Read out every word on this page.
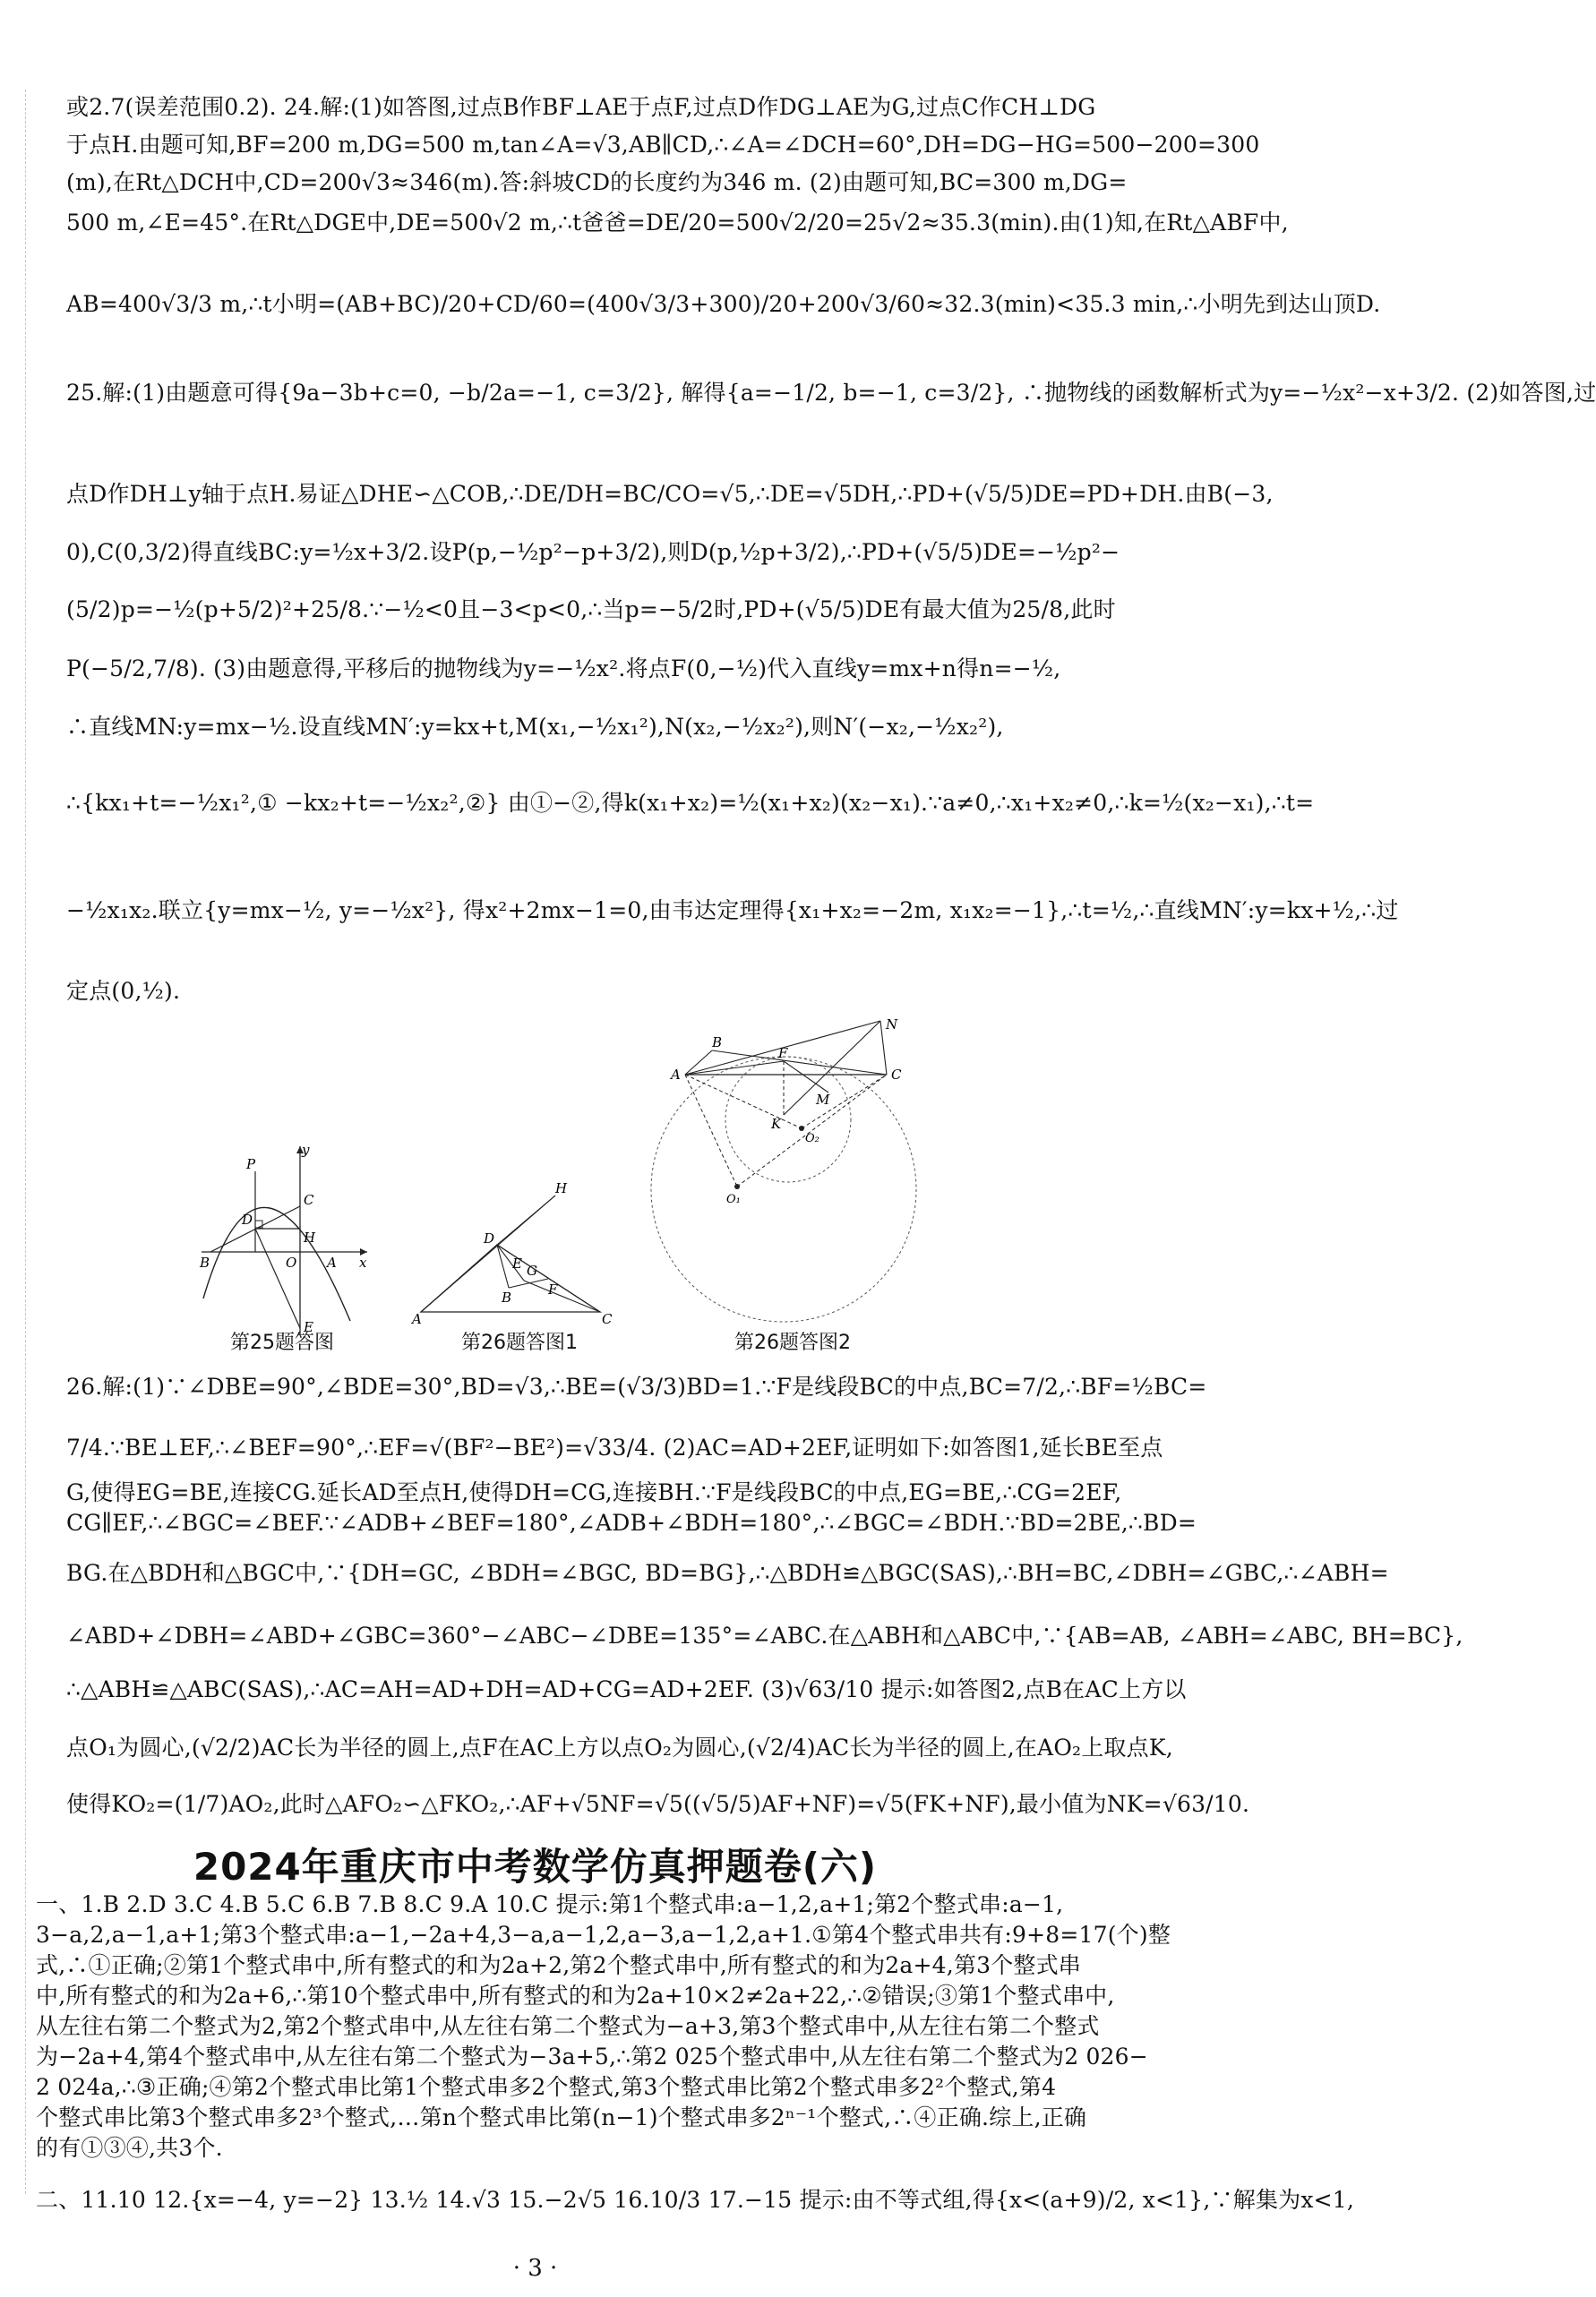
或2.7(误差范围0.2). 24.解:(1)如答图,过点B作BF⊥AE于点F,过点D作DG⊥AE为G,过点C作CH⊥DG
于点H.由题可知,BF=200 m,DG=500 m,tan∠A=√3,AB∥CD,∴∠A=∠DCH=60°,DH=DG−HG=500−200=300
(m),在Rt△DCH中,CD=200√3≈346(m).答:斜坡CD的长度约为346 m. (2)由题可知,BC=300 m,DG=
500 m,∠E=45°.在Rt△DGE中,DE=500√2 m,∴t爸爸=DE/20=500√2/20=25√2≈35.3(min).由(1)知,在Rt△ABF中,
AB=400√3/3 m,∴t小明=(AB+BC)/20+CD/60=(400√3/3+300)/20+200√3/60≈32.3(min)<35.3 min,∴小明先到达山顶D.
25.解:(1)由题意可得{9a−3b+c=0, −b/2a=−1, c=3/2}, 解得{a=−1/2, b=−1, c=3/2}, ∴抛物线的函数解析式为y=−½x²−x+3/2. (2)如答图,过
点D作DH⊥y轴于点H.易证△DHE∽△COB,∴DE/DH=BC/CO=√5,∴DE=√5DH,∴PD+(√5/5)DE=PD+DH.由B(−3,
0),C(0,3/2)得直线BC:y=½x+3/2.设P(p,−½p²−p+3/2),则D(p,½p+3/2),∴PD+(√5/5)DE=−½p²−
(5/2)p=−½(p+5/2)²+25/8.∵−½<0且−3<p<0,∴当p=−5/2时,PD+(√5/5)DE有最大值为25/8,此时
P(−5/2,7/8). (3)由题意得,平移后的抛物线为y=−½x².将点F(0,−½)代入直线y=mx+n得n=−½,
∴直线MN:y=mx−½.设直线MN′:y=kx+t,M(x₁,−½x₁²),N(x₂,−½x₂²),则N′(−x₂,−½x₂²),
∴{kx₁+t=−½x₁²,① −kx₂+t=−½x₂²,②} 由①−②,得k(x₁+x₂)=½(x₁+x₂)(x₂−x₁).∵a≠0,∴x₁+x₂≠0,∴k=½(x₂−x₁),∴t=
−½x₁x₂.联立{y=mx−½, y=−½x²}, 得x²+2mx−1=0,由韦达定理得{x₁+x₂=−2m, x₁x₂=−1},∴t=½,∴直线MN′:y=kx+½,∴过
定点(0,½).
y
P
D
C
B	O A x
H
E
第25题答图
H
D
G
E
B	F
A	C
第26题答图1
N
B
F
A	C
M
K
O₂
O₁
第26题答图2
26.解:(1)∵∠DBE=90°,∠BDE=30°,BD=√3,∴BE=(√3/3)BD=1.∵F是线段BC的中点,BC=7/2,∴BF=½BC=
7/4.∵BE⊥EF,∴∠BEF=90°,∴EF=√(BF²−BE²)=√33/4. (2)AC=AD+2EF,证明如下:如答图1,延长BE至点
G,使得EG=BE,连接CG.延长AD至点H,使得DH=CG,连接BH.∵F是线段BC的中点,EG=BE,∴CG=2EF,
CG∥EF,∴∠BGC=∠BEF.∵∠ADB+∠BEF=180°,∠ADB+∠BDH=180°,∴∠BGC=∠BDH.∵BD=2BE,∴BD=
BG.在△BDH和△BGC中,∵{DH=GC, ∠BDH=∠BGC, BD=BG},∴△BDH≌△BGC(SAS),∴BH=BC,∠DBH=∠GBC,∴∠ABH=
∠ABD+∠DBH=∠ABD+∠GBC=360°−∠ABC−∠DBE=135°=∠ABC.在△ABH和△ABC中,∵{AB=AB, ∠ABH=∠ABC, BH=BC},
∴△ABH≌△ABC(SAS),∴AC=AH=AD+DH=AD+CG=AD+2EF. (3)√63/10 提示:如答图2,点B在AC上方以
点O₁为圆心,(√2/2)AC长为半径的圆上,点F在AC上方以点O₂为圆心,(√2/4)AC长为半径的圆上,在AO₂上取点K,
使得KO₂=(1/7)AO₂,此时△AFO₂∽△FKO₂,∴AF+√5NF=√5((√5/5)AF+NF)=√5(FK+NF),最小值为NK=√63/10.
2024年重庆市中考数学仿真押题卷(六)
一、1.B 2.D 3.C 4.B 5.C 6.B 7.B 8.C 9.A 10.C 提示:第1个整式串:a−1,2,a+1;第2个整式串:a−1,
3−a,2,a−1,a+1;第3个整式串:a−1,−2a+4,3−a,a−1,2,a−3,a−1,2,a+1.①第4个整式串共有:9+8=17(个)整
式,∴①正确;②第1个整式串中,所有整式的和为2a+2,第2个整式串中,所有整式的和为2a+4,第3个整式串
中,所有整式的和为2a+6,∴第10个整式串中,所有整式的和为2a+10×2≠2a+22,∴②错误;③第1个整式串中,
从左往右第二个整式为2,第2个整式串中,从左往右第二个整式为−a+3,第3个整式串中,从左往右第二个整式
为−2a+4,第4个整式串中,从左往右第二个整式为−3a+5,∴第2 025个整式串中,从左往右第二个整式为2 026−
2 024a,∴③正确;④第2个整式串比第1个整式串多2个整式,第3个整式串比第2个整式串多2²个整式,第4
个整式串比第3个整式串多2³个整式,…第n个整式串比第(n−1)个整式串多2ⁿ⁻¹个整式,∴④正确.综上,正确
的有①③④,共3个.
二、11.10 12.{x=−4, y=−2} 13.½ 14.√3 15.−2√5 16.10/3 17.−15 提示:由不等式组,得{x<(a+9)/2, x<1},∵解集为x<1,
· 3 ·
